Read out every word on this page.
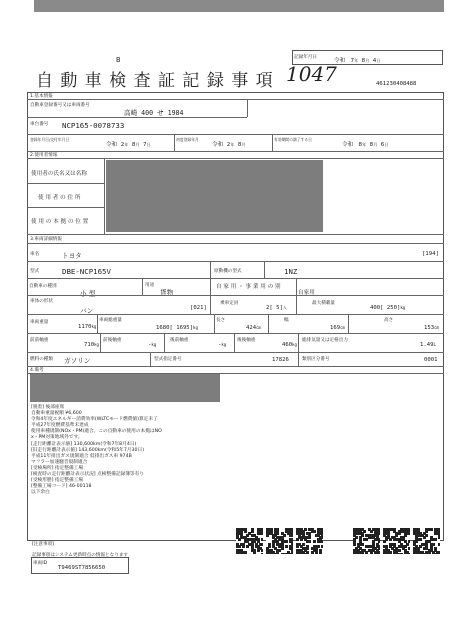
B
自 動 車 検 査 証 記 録 事 項 1047	461230408488
記録年月日
令和 7年 8月 4日
1.基本情報
自動車登録番号又は車両番号
高崎 400 せ 1984
車台番号 NCP165-0078733
登録年月日/交付年月日
令和 2年 8月 7日
初度登録年月
令和 2年 8月
有効期間の満了する日
令和 8年 8月 6日
2.使用者情報
使用者の氏名又は名称
使 用 者 の 住 所
使 用 の 本 拠 の 位 置
3.車両詳細情報
車名	トヨタ	[194]
型式	DBE-NCP165V	原動機の型式	1NZ
自動車の種別
小 型
用途
貨物
自 家 用 ・ 事 業 用 の 別
自家用
車体の形状
バン	[021]
乗車定員
2[ 5]人
最大積載量
400[ 250]kg
車両重量
1170kg
車両総重量
1680[ 1695]kg
長さ
424cm
幅
169cm
高さ
153cm
前前軸重
710kg
前後軸重
-kg
後前軸重
-kg
後後軸重
460kg
総排気量又は定格出力
1.49L
燃料の種類 ガソリン	型式指定番号	17826	類別区分番号	0001
4.備考
[脱着] 後部座席
自動車重量税額 ¥6,600
令和4年度エネルギー消費効率(WLTCモード燃費値)算定未了
平成27年度燃費基準未達成
使用車種規制(NOx・PM)適合。この自動車の使用の本拠はNO
x・PM対策地域外です。
[走行距離計表示値] 130,600km(令和7年8月4日)
[旧走行距離計表示値] 143,600km(令和5年7月30日)
平成11年排出ガス規制適合 低排出ガス車 974B
マフラー加速騒音規制適合
[受検場所] 指定整備工場
[検査時の走行距離計表示状況] 点検整備記録簿等有り
[受検形態] 指定整備工場
[整備工場コード] 46-00118
以下余白
[注意事項]
記録事項はシステム更新時点の情報となります
車両ID
T9469ST7856650
